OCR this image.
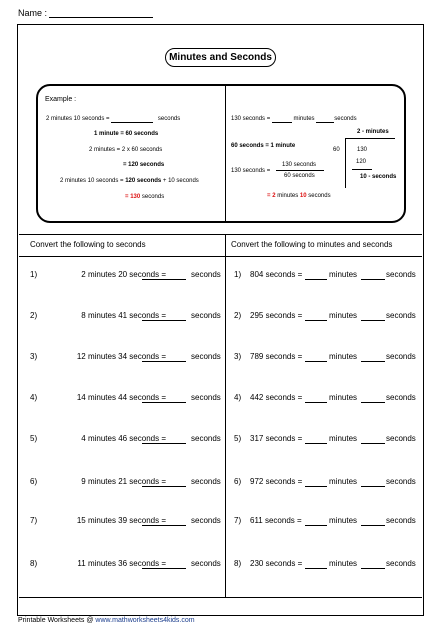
Name :
Minutes and Seconds
Example :
2 minutes 10 seconds =	seconds
1 minute = 60 seconds
2 minutes = 2 x 60 seconds
= 120 seconds
2 minutes 10 seconds = 120 seconds + 10 seconds
= 130 seconds
130 seconds =	minutes	seconds
60 seconds = 1 minute
130 seconds =
130 seconds
60 seconds
= 2 minutes 10 seconds
2 - minutes
60	130
120
10 - seconds
Convert the following to seconds	Convert the following to minutes and seconds
1)	2 minutes 20 seconds =	seconds
2)	8 minutes 41 seconds =	seconds
3)	12 minutes 34 seconds =	seconds
4)	14 minutes 44 seconds =	seconds
5)	4 minutes 46 seconds =	seconds
6)	9 minutes 21 seconds =	seconds
7)	15 minutes 39 seconds =	seconds
8)	11 minutes 36 seconds =	seconds
1) 804 seconds =	minutes	seconds
2) 295 seconds =	minutes	seconds
3) 789 seconds =	minutes	seconds
4) 442 seconds =	minutes	seconds
5) 317 seconds =	minutes	seconds
6) 972 seconds =	minutes	seconds
7) 611 seconds =	minutes	seconds
8) 230 seconds =	minutes	seconds
Printable Worksheets @ www.mathworksheets4kids.com
